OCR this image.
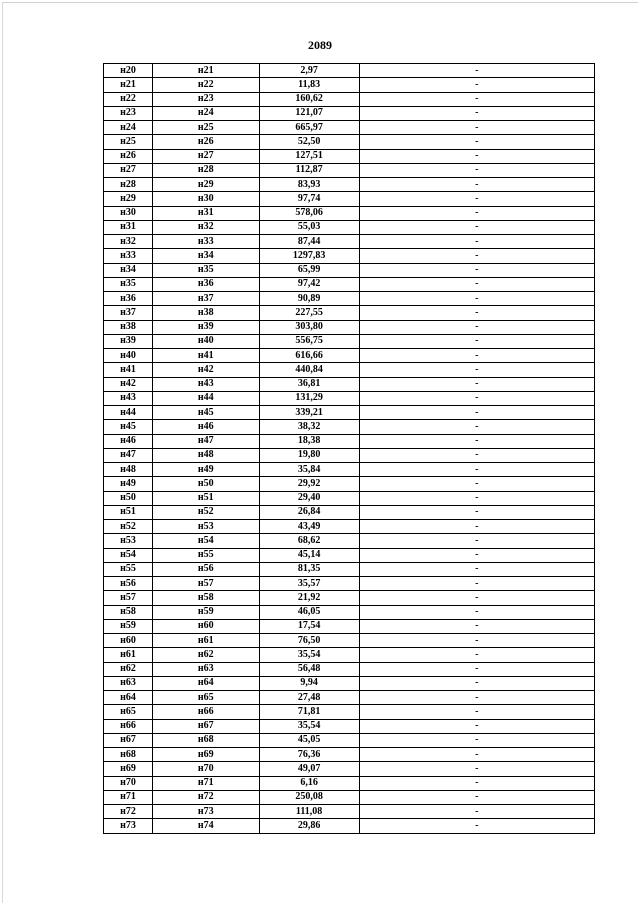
2089
н20	н21	2,97	-
н21	н22	11,83	-
н22	н23	160,62	-
н23	н24	121,07	-
н24	н25	665,97	-
н25	н26	52,50	-
н26	н27	127,51	-
н27	н28	112,87	-
н28	н29	83,93	-
н29	н30	97,74	-
н30	н31	578,06	-
н31	н32	55,03	-
н32	н33	87,44	-
н33	н34	1297,83	-
н34	н35	65,99	-
н35	н36	97,42	-
н36	н37	90,89	-
н37	н38	227,55	-
н38	н39	303,80	-
н39	н40	556,75	-
н40	н41	616,66	-
н41	н42	440,84	-
н42	н43	36,81	-
н43	н44	131,29	-
н44	н45	339,21	-
н45	н46	38,32	-
н46	н47	18,38	-
н47	н48	19,80	-
н48	н49	35,84	-
н49	н50	29,92	-
н50	н51	29,40	-
н51	н52	26,84	-
н52	н53	43,49	-
н53	н54	68,62	-
н54	н55	45,14	-
н55	н56	81,35	-
н56	н57	35,57	-
н57	н58	21,92	-
н58	н59	46,05	-
н59	н60	17,54	-
н60	н61	76,50	-
н61	н62	35,54	-
н62	н63	56,48	-
н63	н64	9,94	-
н64	н65	27,48	-
н65	н66	71,81	-
н66	н67	35,54	-
н67	н68	45,05	-
н68	н69	76,36	-
н69	н70	49,07	-
н70	н71	6,16	-
н71	н72	250,08	-
н72	н73	111,08	-
н73	н74	29,86	-
